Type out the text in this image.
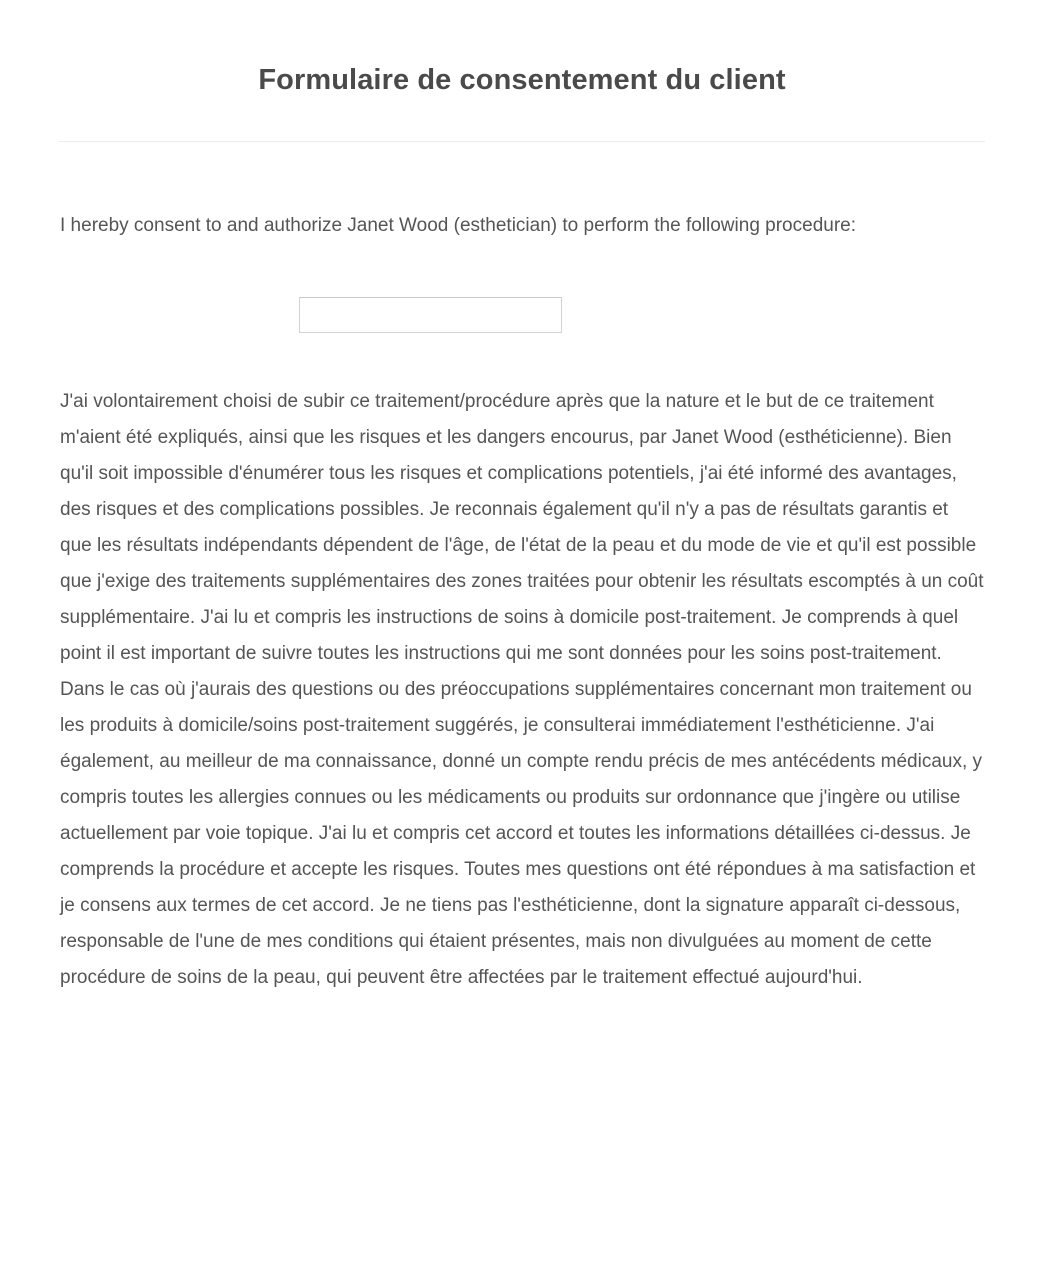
Formulaire de consentement du client

I hereby consent to and authorize Janet Wood (esthetician) to perform the following procedure:

J'ai volontairement choisi de subir ce traitement/procédure après que la nature et le but de ce traitement m'aient été expliqués, ainsi que les risques et les dangers encourus, par Janet Wood (esthéticienne). Bien qu'il soit impossible d'énumérer tous les risques et complications potentiels, j'ai été informé des avantages, des risques et des complications possibles. Je reconnais également qu'il n'y a pas de résultats garantis et que les résultats indépendants dépendent de l'âge, de l'état de la peau et du mode de vie et qu'il est possible que j'exige des traitements supplémentaires des zones traitées pour obtenir les résultats escomptés à un coût supplémentaire. J'ai lu et compris les instructions de soins à domicile post-traitement. Je comprends à quel point il est important de suivre toutes les instructions qui me sont données pour les soins post-traitement. Dans le cas où j'aurais des questions ou des préoccupations supplémentaires concernant mon traitement ou les produits à domicile/soins post-traitement suggérés, je consulterai immédiatement l'esthéticienne. J'ai également, au meilleur de ma connaissance, donné un compte rendu précis de mes antécédents médicaux, y compris toutes les allergies connues ou les médicaments ou produits sur ordonnance que j'ingère ou utilise actuellement par voie topique. J'ai lu et compris cet accord et toutes les informations détaillées ci-dessus. Je comprends la procédure et accepte les risques. Toutes mes questions ont été répondues à ma satisfaction et je consens aux termes de cet accord. Je ne tiens pas l'esthéticienne, dont la signature apparaît ci-dessous, responsable de l'une de mes conditions qui étaient présentes, mais non divulguées au moment de cette procédure de soins de la peau, qui peuvent être affectées par le traitement effectué aujourd'hui.
